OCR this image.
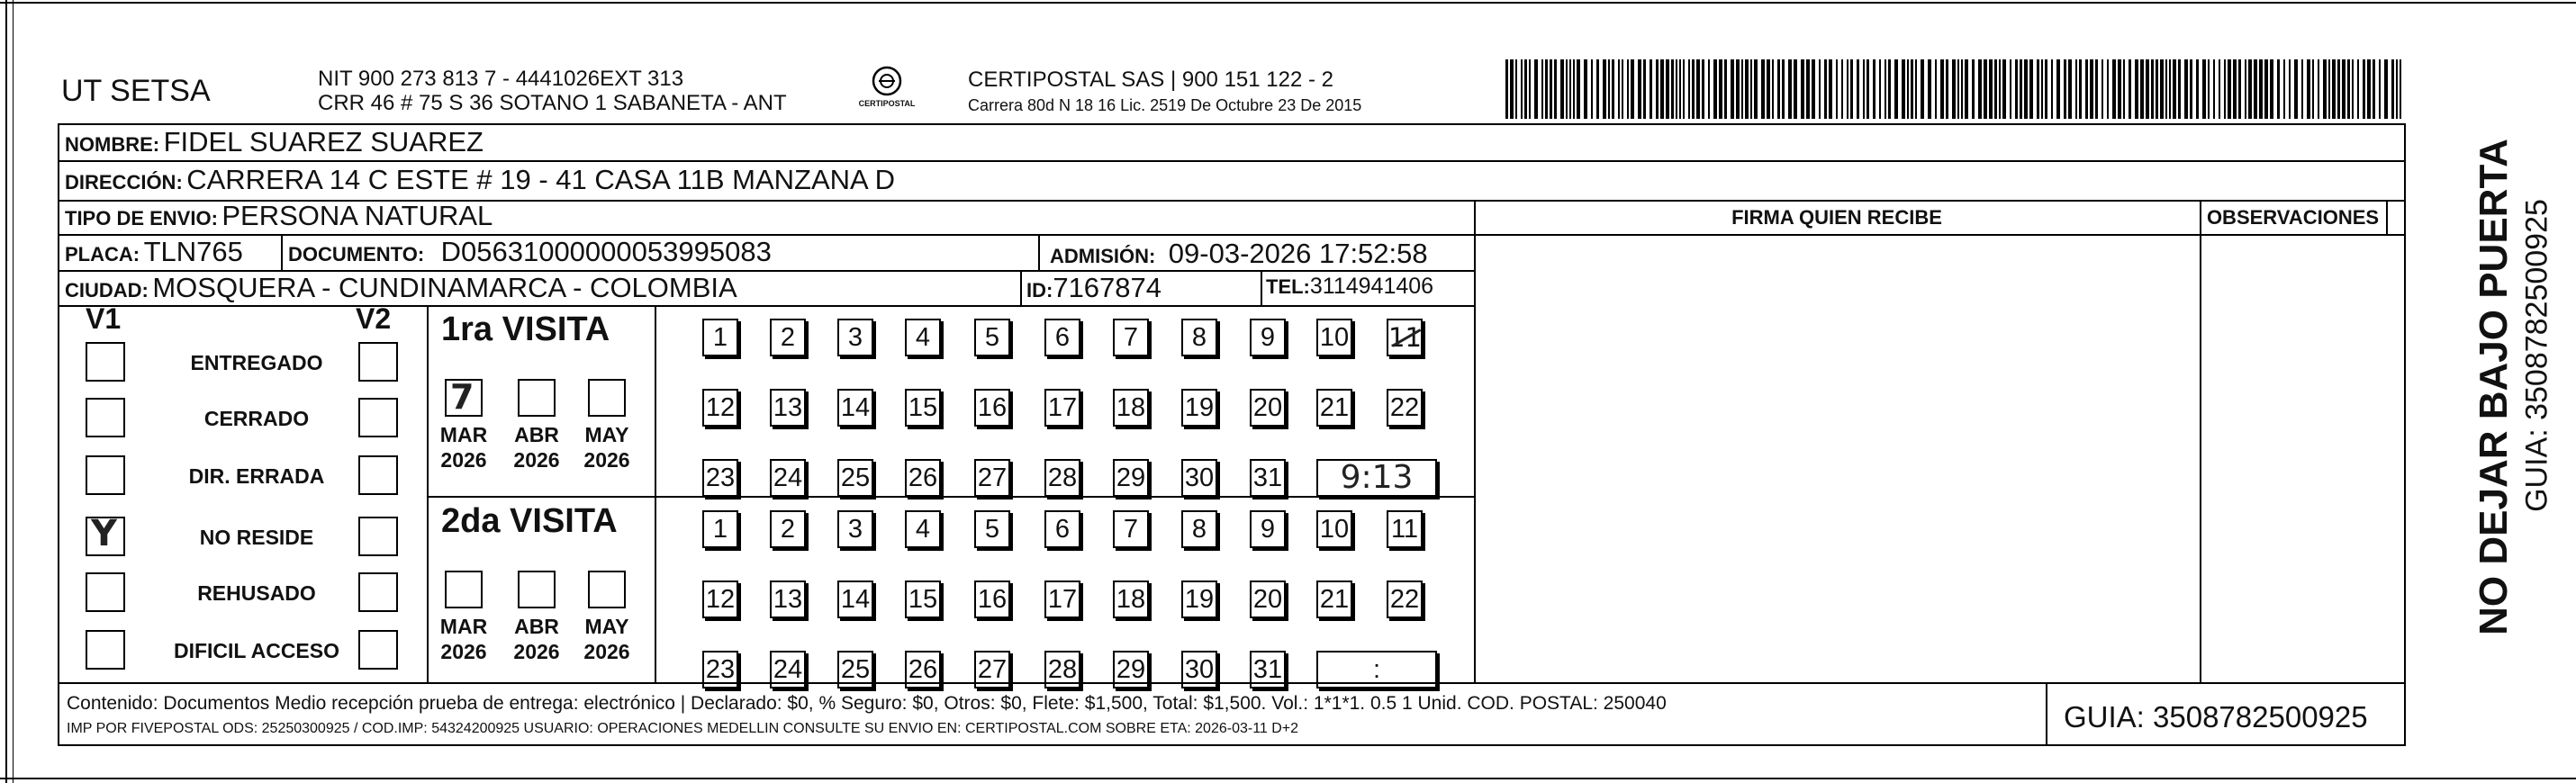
UT SETSA	NIT 900 273 813 7 - 4441026EXT 313
CRR 46 # 75 S 36 SOTANO 1 SABANETA - ANT	CERTIPOSTAL
CERTIPOSTAL SAS | 900 151 122 - 2
Carrera 80d N 18 16 Lic. 2519 De Octubre 23 De 2015
NOMBRE: FIDEL SUAREZ SUAREZ
DIRECCIÓN: CARRERA 14 C ESTE # 19 - 41 CASA 11B MANZANA D
TIPO DE ENVIO: PERSONA NATURAL	FIRMA QUIEN RECIBE	OBSERVACIONES
PLACA: TLN765 DOCUMENTO: D05631000000053995083	ADMISIÓN: 09-03-2026 17:52:58
CIUDAD: MOSQUERA - CUNDINAMARCA - COLOMBIA	ID:7167874	TEL:3114941406
V1	V2 1ra VISITA
2da VISITA
Contenido: Documentos Medio recepción prueba de entrega: electrónico | Declarado: $0, % Seguro: $0, Otros: $0, Flete: $1,500, Total: $1,500. Vol.: 1*1*1. 0.5 1 Unid. COD. POSTAL: 250040
IMP POR FIVEPOSTAL ODS: 25250300925 / COD.IMP: 54324200925 USUARIO: OPERACIONES MEDELLIN CONSULTE SU ENVIO EN: CERTIPOSTAL.COM SOBRE ETA: 2026-03-11 D+2	GUIA: 3508782500925
NO DEJAR BAJO PUERTA GUIA: 3508782500925
ENTREGADO
CERRADO
DIR. ERRADA
Y	NO RESIDE
REHUSADO
DIFICIL ACCESO
7
MAR
2026
ABR
2026
MAY
2026
1	2	3	4	5	6	7	8	9	10 11
12 13 14 15 16 17 18 19 20 21 22
23 24 25 26 27 28 29 30 31	9:13
MAR
2026
ABR
2026
MAY
2026
1	2	3	4	5	6	7	8	9	10 11
12 13 14 15 16 17 18 19 20 21 22
23 24 25 26 27 28 29 30 31	:
